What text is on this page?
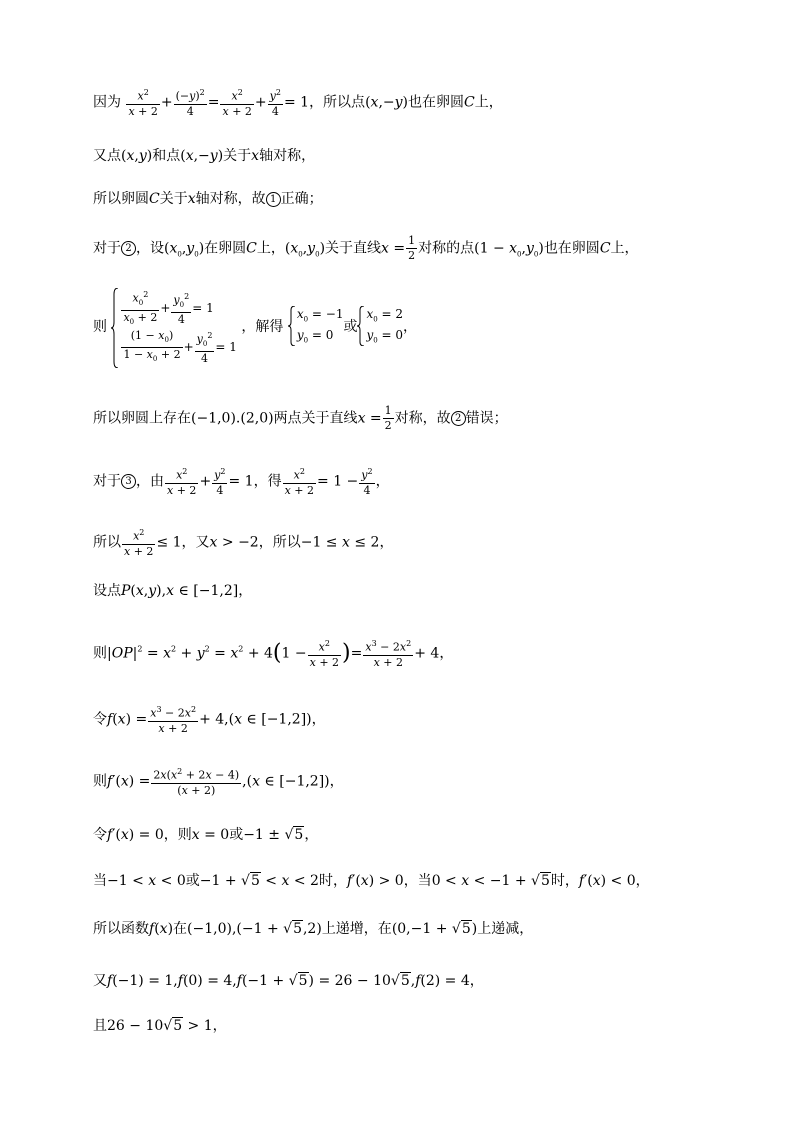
因为 $\frac{x^2}{x + 2} + \frac{(-y)^2}{4} = \frac{x^2}{x + 2} + \frac{y^2}{4} = 1$，所以点(x,−y)也在卵圆C上，
又点(x,y)和点(x,−y)关于x轴对称，
所以卵圆C关于x轴对称，故 1 正确；
对于 2 ，设$(x_0,y_0)$在卵圆C上，$(x_0,y_0)$关于直线$x = \frac{1}{2}$ 对称的点$(1 - x_0,y_0)$也在卵圆C上，
则 $\frac{x_0^2}{x_0 + 2} + \frac{y_0^2}{4} = 1$
$\frac{(1 - x_0)}{1 - x_0 + 2} + \frac{y_0^2}{4} = 1$
，解得
$x_0 = -1$
$y_0 = 0$ 或
$x_0 = 2$
$y_0 = 0$ ，
所以卵圆上存在(−1,0).(2,0)两点关于直线$x = \frac{1}{2}$ 对称，故 2 错误；
对于 3 ，由 $\frac{x^2}{x + 2} + \frac{y^2}{4} = 1$，得 $\frac{x^2}{x + 2} = 1 - \frac{y^2}{4}$ ，
所以 $\frac{x^2}{x + 2} \le 1$，又x > −2，所以−1 ≤ x ≤ 2，
设点P(x,y),x ∈ [−1,2]，
则$|OP|^2 = x^2 + y^2 = x^2 + 4(1 - \frac{x^2}{x + 2}$ )= $\frac{x^3 - 2x^2}{x + 2} + 4$，
令$f(x) = \frac{x^3 - 2x^2}{x + 2} + 4,(x$ ∈ [−1,2])，
则$f'(x) = \frac{2x(x^2 + 2x - 4)}{(x + 2)} ,(x$ ∈ [−1,2])，
令f′(x) = 0，则x = 0或−1 ± √5，
当−1 < x < 0或−1 + √5 < x < 2时，f′(x) > 0，当0 < x < −1 + √5时，f′(x) < 0，
所以函数f(x)在(−1,0),(−1 + √5,2)上递增，在(0,−1 + √5)上递减，
又f(−1) = 1,f(0) = 4,f(−1 + √5) = 26 − 10√5,f(2) = 4，
且26 − 10√5 > 1，
